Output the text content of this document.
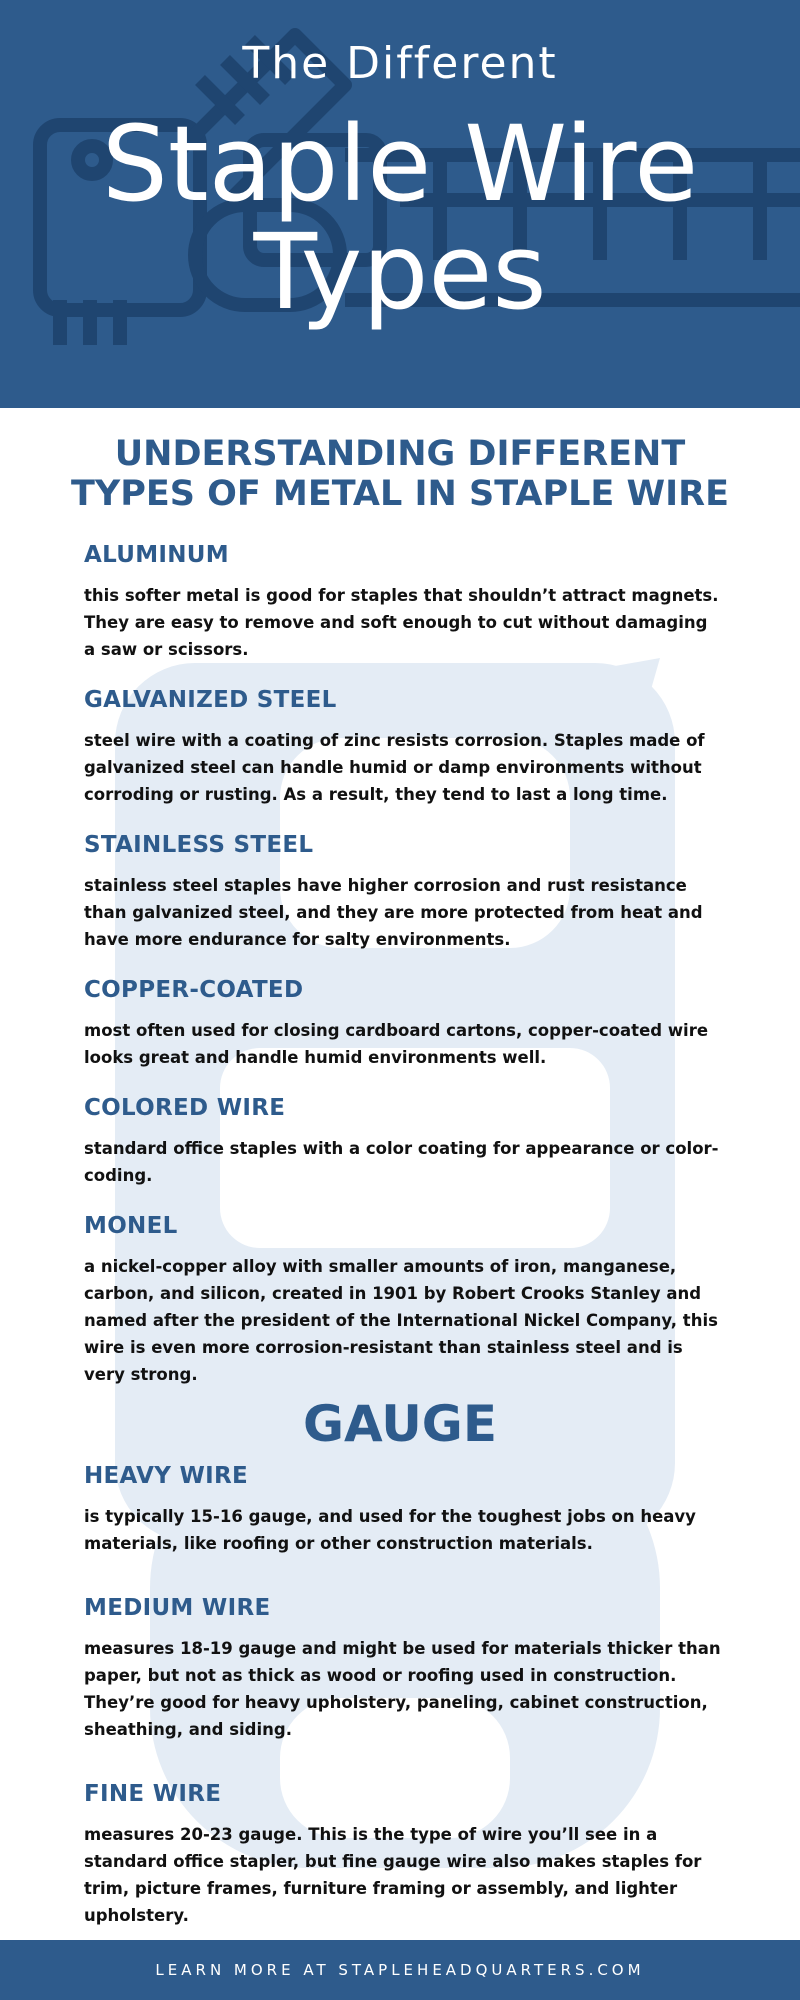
The Different
Staple Wire
Types
UNDERSTANDING DIFFERENT TYPES OF METAL IN STAPLE WIRE
ALUMINUM

this softer metal is good for staples that shouldn’t attract magnets. They are easy to remove and soft enough to cut without damaging a saw or scissors.

GALVANIZED STEEL

steel wire with a coating of zinc resists corrosion. Staples made of galvanized steel can handle humid or damp environments without corroding or rusting. As a result, they tend to last a long time.

STAINLESS STEEL

stainless steel staples have higher corrosion and rust resistance than galvanized steel, and they are more protected from heat and have more endurance for salty environments.

COPPER-COATED

most often used for closing cardboard cartons, copper-coated wire looks great and handle humid environments well.

COLORED WIRE

standard office staples with a color coating for appearance or color-coding.

MONEL

a nickel-copper alloy with smaller amounts of iron, manganese, carbon, and silicon, created in 1901 by Robert Crooks Stanley and named after the president of the International Nickel Company, this wire is even more corrosion-resistant than stainless steel and is very strong.

GAUGE
HEAVY WIRE

is typically 15-16 gauge, and used for the toughest jobs on heavy materials, like roofing or other construction materials.

MEDIUM WIRE

measures 18-19 gauge and might be used for materials thicker than paper, but not as thick as wood or roofing used in construction. They’re good for heavy upholstery, paneling, cabinet construction, sheathing, and siding.

FINE WIRE

measures 20-23 gauge. This is the type of wire you’ll see in a standard office stapler, but fine gauge wire also makes staples for trim, picture frames, furniture framing or assembly, and lighter upholstery.

LEARN MORE AT STAPLEHEADQUARTERS.COM
